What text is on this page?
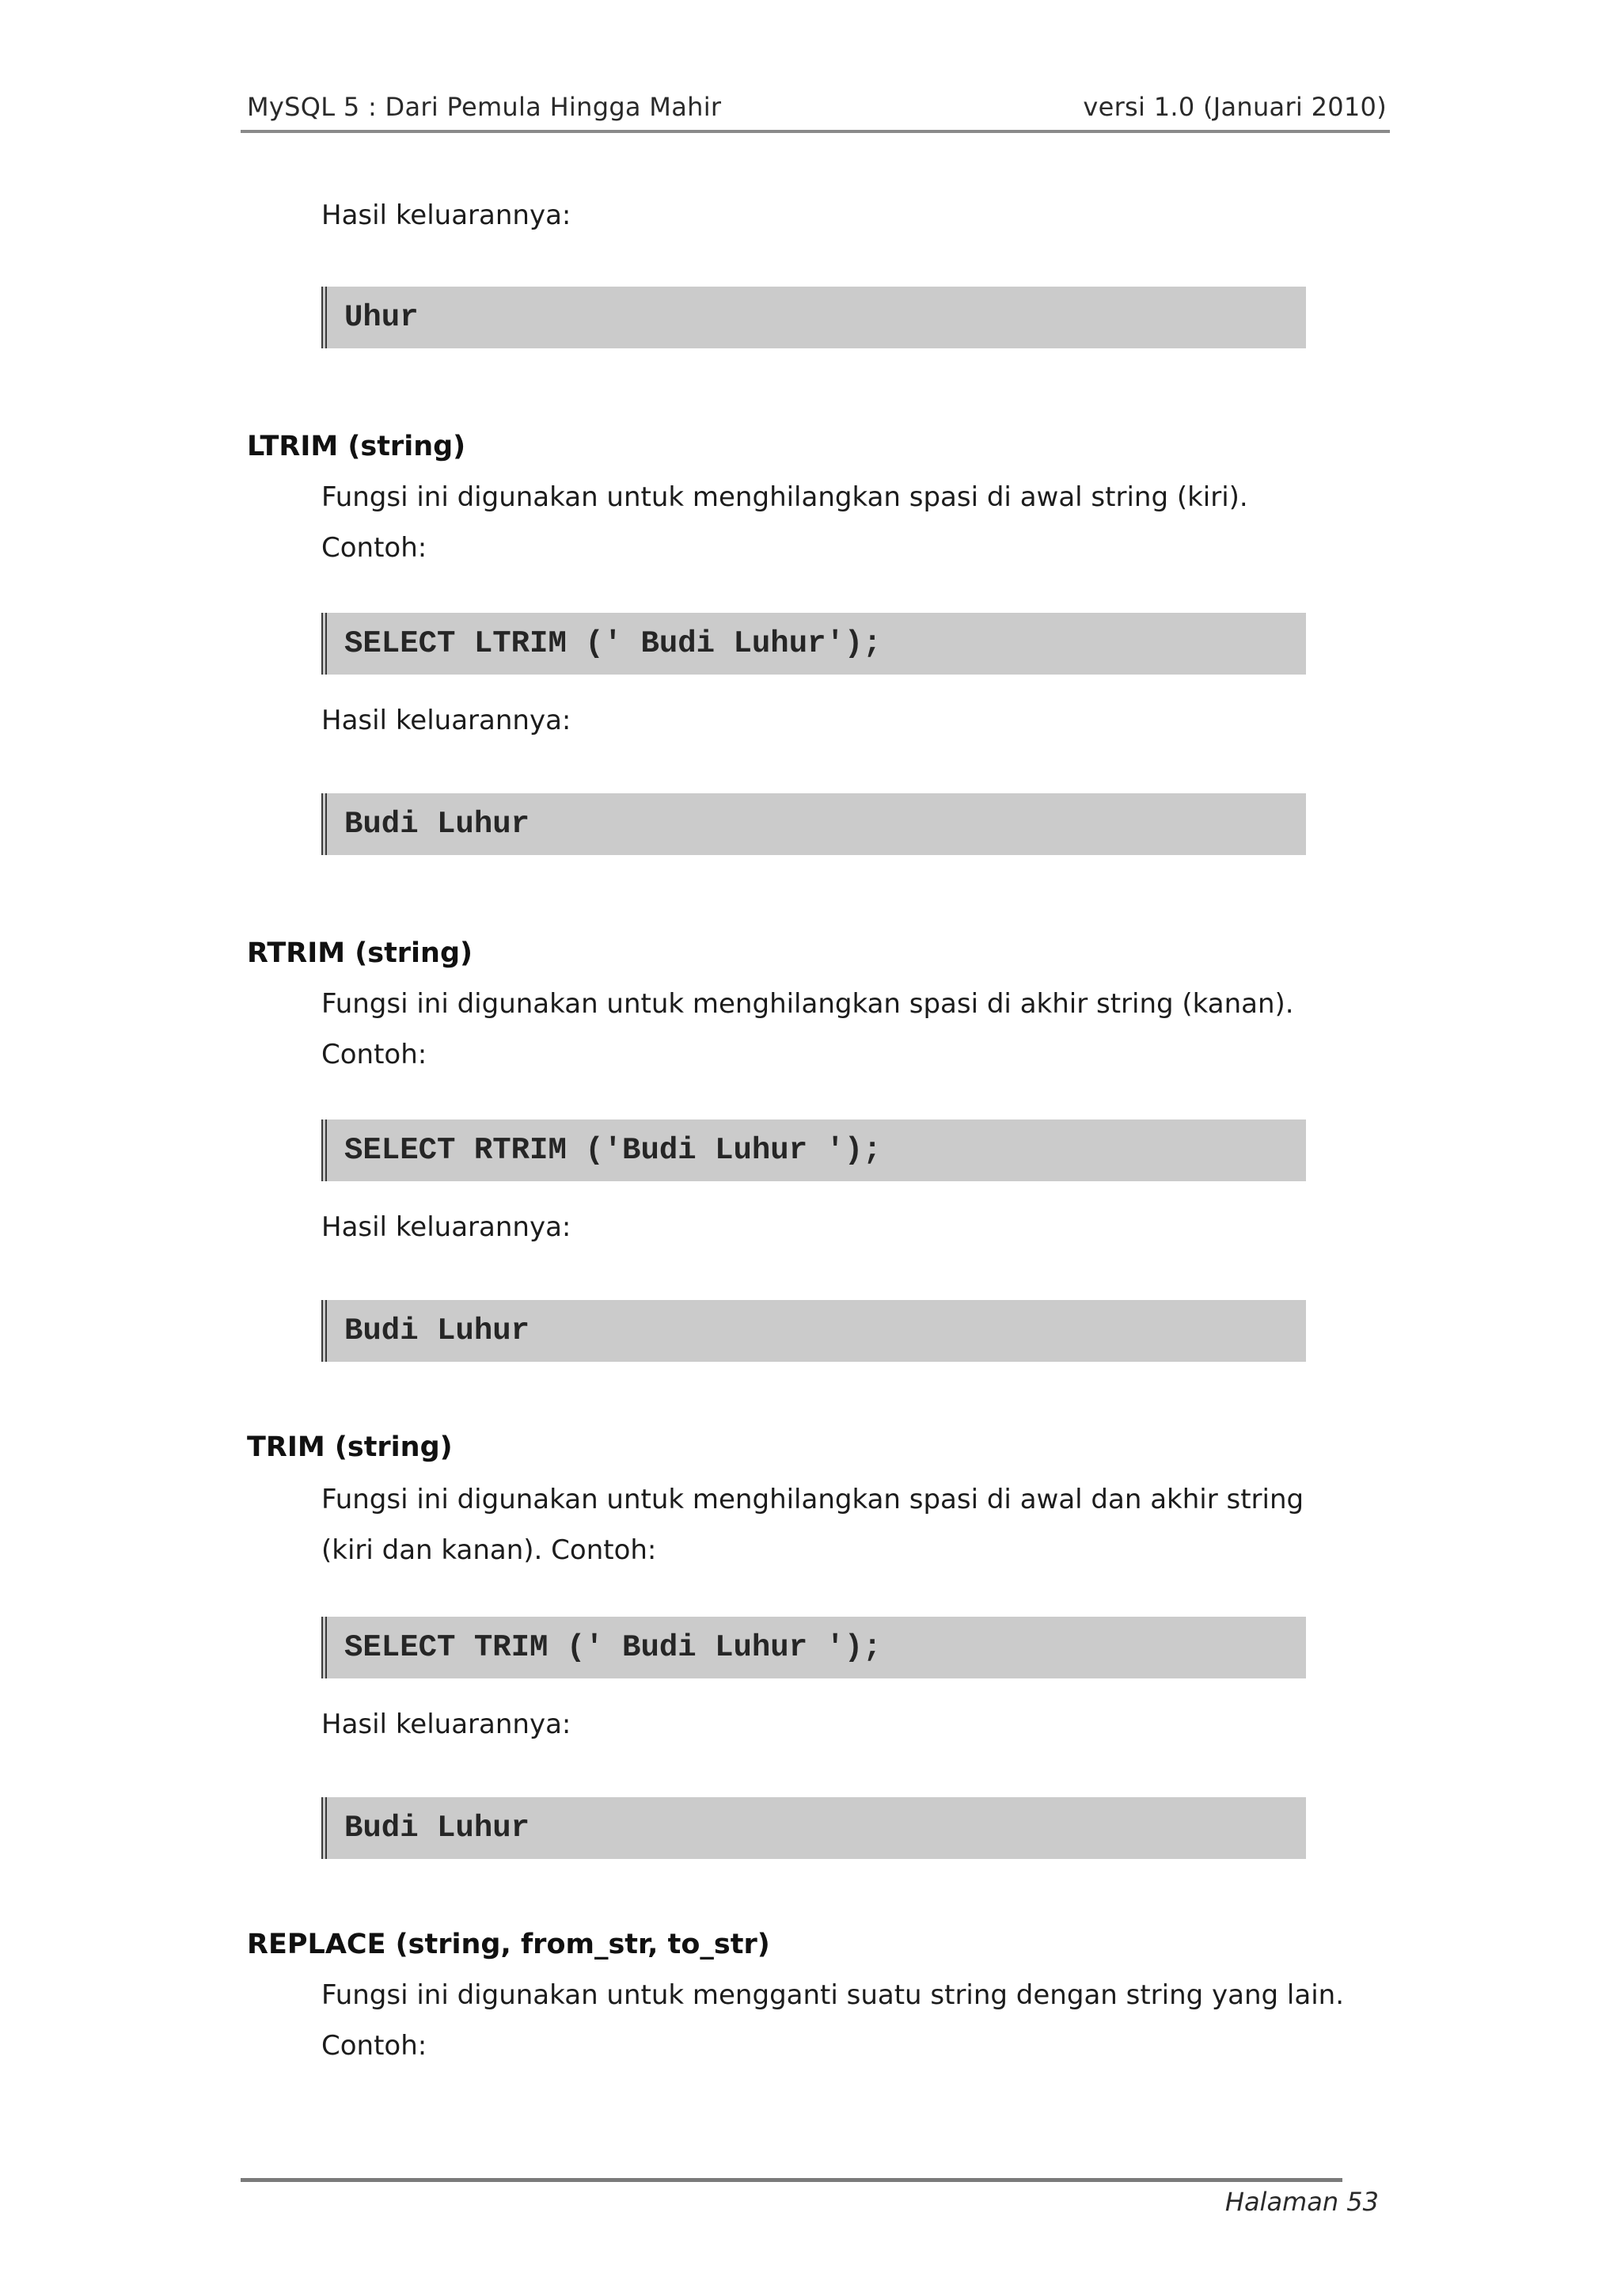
MySQL 5 : Dari Pemula Hingga Mahir	versi 1.0 (Januari 2010)
Hasil keluarannya:
Uhur
LTRIM (string)
Fungsi ini digunakan untuk menghilangkan spasi di awal string (kiri).
Contoh:
SELECT LTRIM (' Budi Luhur');
Hasil keluarannya:
Budi Luhur
RTRIM (string)
Fungsi ini digunakan untuk menghilangkan spasi di akhir string (kanan).
Contoh:
SELECT RTRIM ('Budi Luhur ');
Hasil keluarannya:
Budi Luhur
TRIM (string)
Fungsi ini digunakan untuk menghilangkan spasi di awal dan akhir string
(kiri dan kanan). Contoh:
SELECT TRIM (' Budi Luhur ');
Hasil keluarannya:
Budi Luhur
REPLACE (string, from_str, to_str)
Fungsi ini digunakan untuk mengganti suatu string dengan string yang lain.
Contoh:
Halaman 53
